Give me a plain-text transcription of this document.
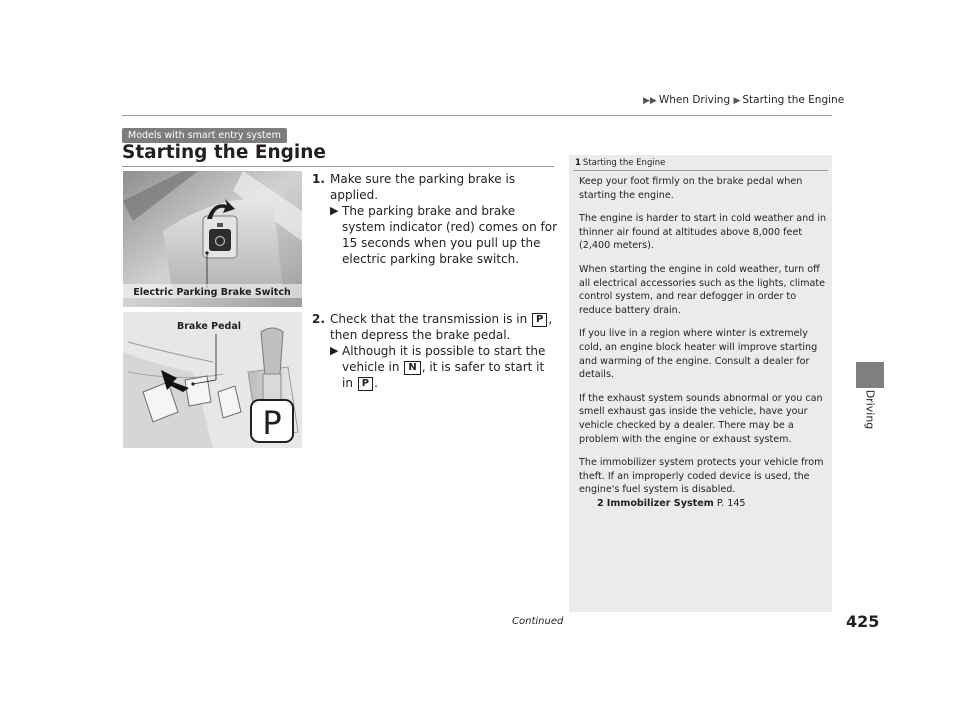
▶▶ When Driving ▶ Starting the Engine
Driving
Models with smart entry system
Starting the Engine
Electric Parking Brake Switch
Brake Pedal
P
1. Make sure the parking brake is applied.
▶ The parking brake and brake system indicator (red) comes on for 15 seconds when you pull up the electric parking brake switch.
2. Check that the transmission is in P , then depress the brake pedal.
▶ Although it is possible to start the vehicle in N , it is safer to start it in P .
1 Starting the Engine

Keep your foot firmly on the brake pedal when starting the engine.

The engine is harder to start in cold weather and in thinner air found at altitudes above 8,000 feet (2,400 meters).

When starting the engine in cold weather, turn off all electrical accessories such as the lights, climate control system, and rear defogger in order to reduce battery drain.

If you live in a region where winter is extremely cold, an engine block heater will improve starting and warming of the engine. Consult a dealer for details.

If the exhaust system sounds abnormal or you can smell exhaust gas inside the vehicle, have your vehicle checked by a dealer. There may be a problem with the engine or exhaust system.

The immobilizer system protects your vehicle from theft. If an improperly coded device is used, the engine's fuel system is disabled.

2 Immobilizer System P. 145

Continued	425
